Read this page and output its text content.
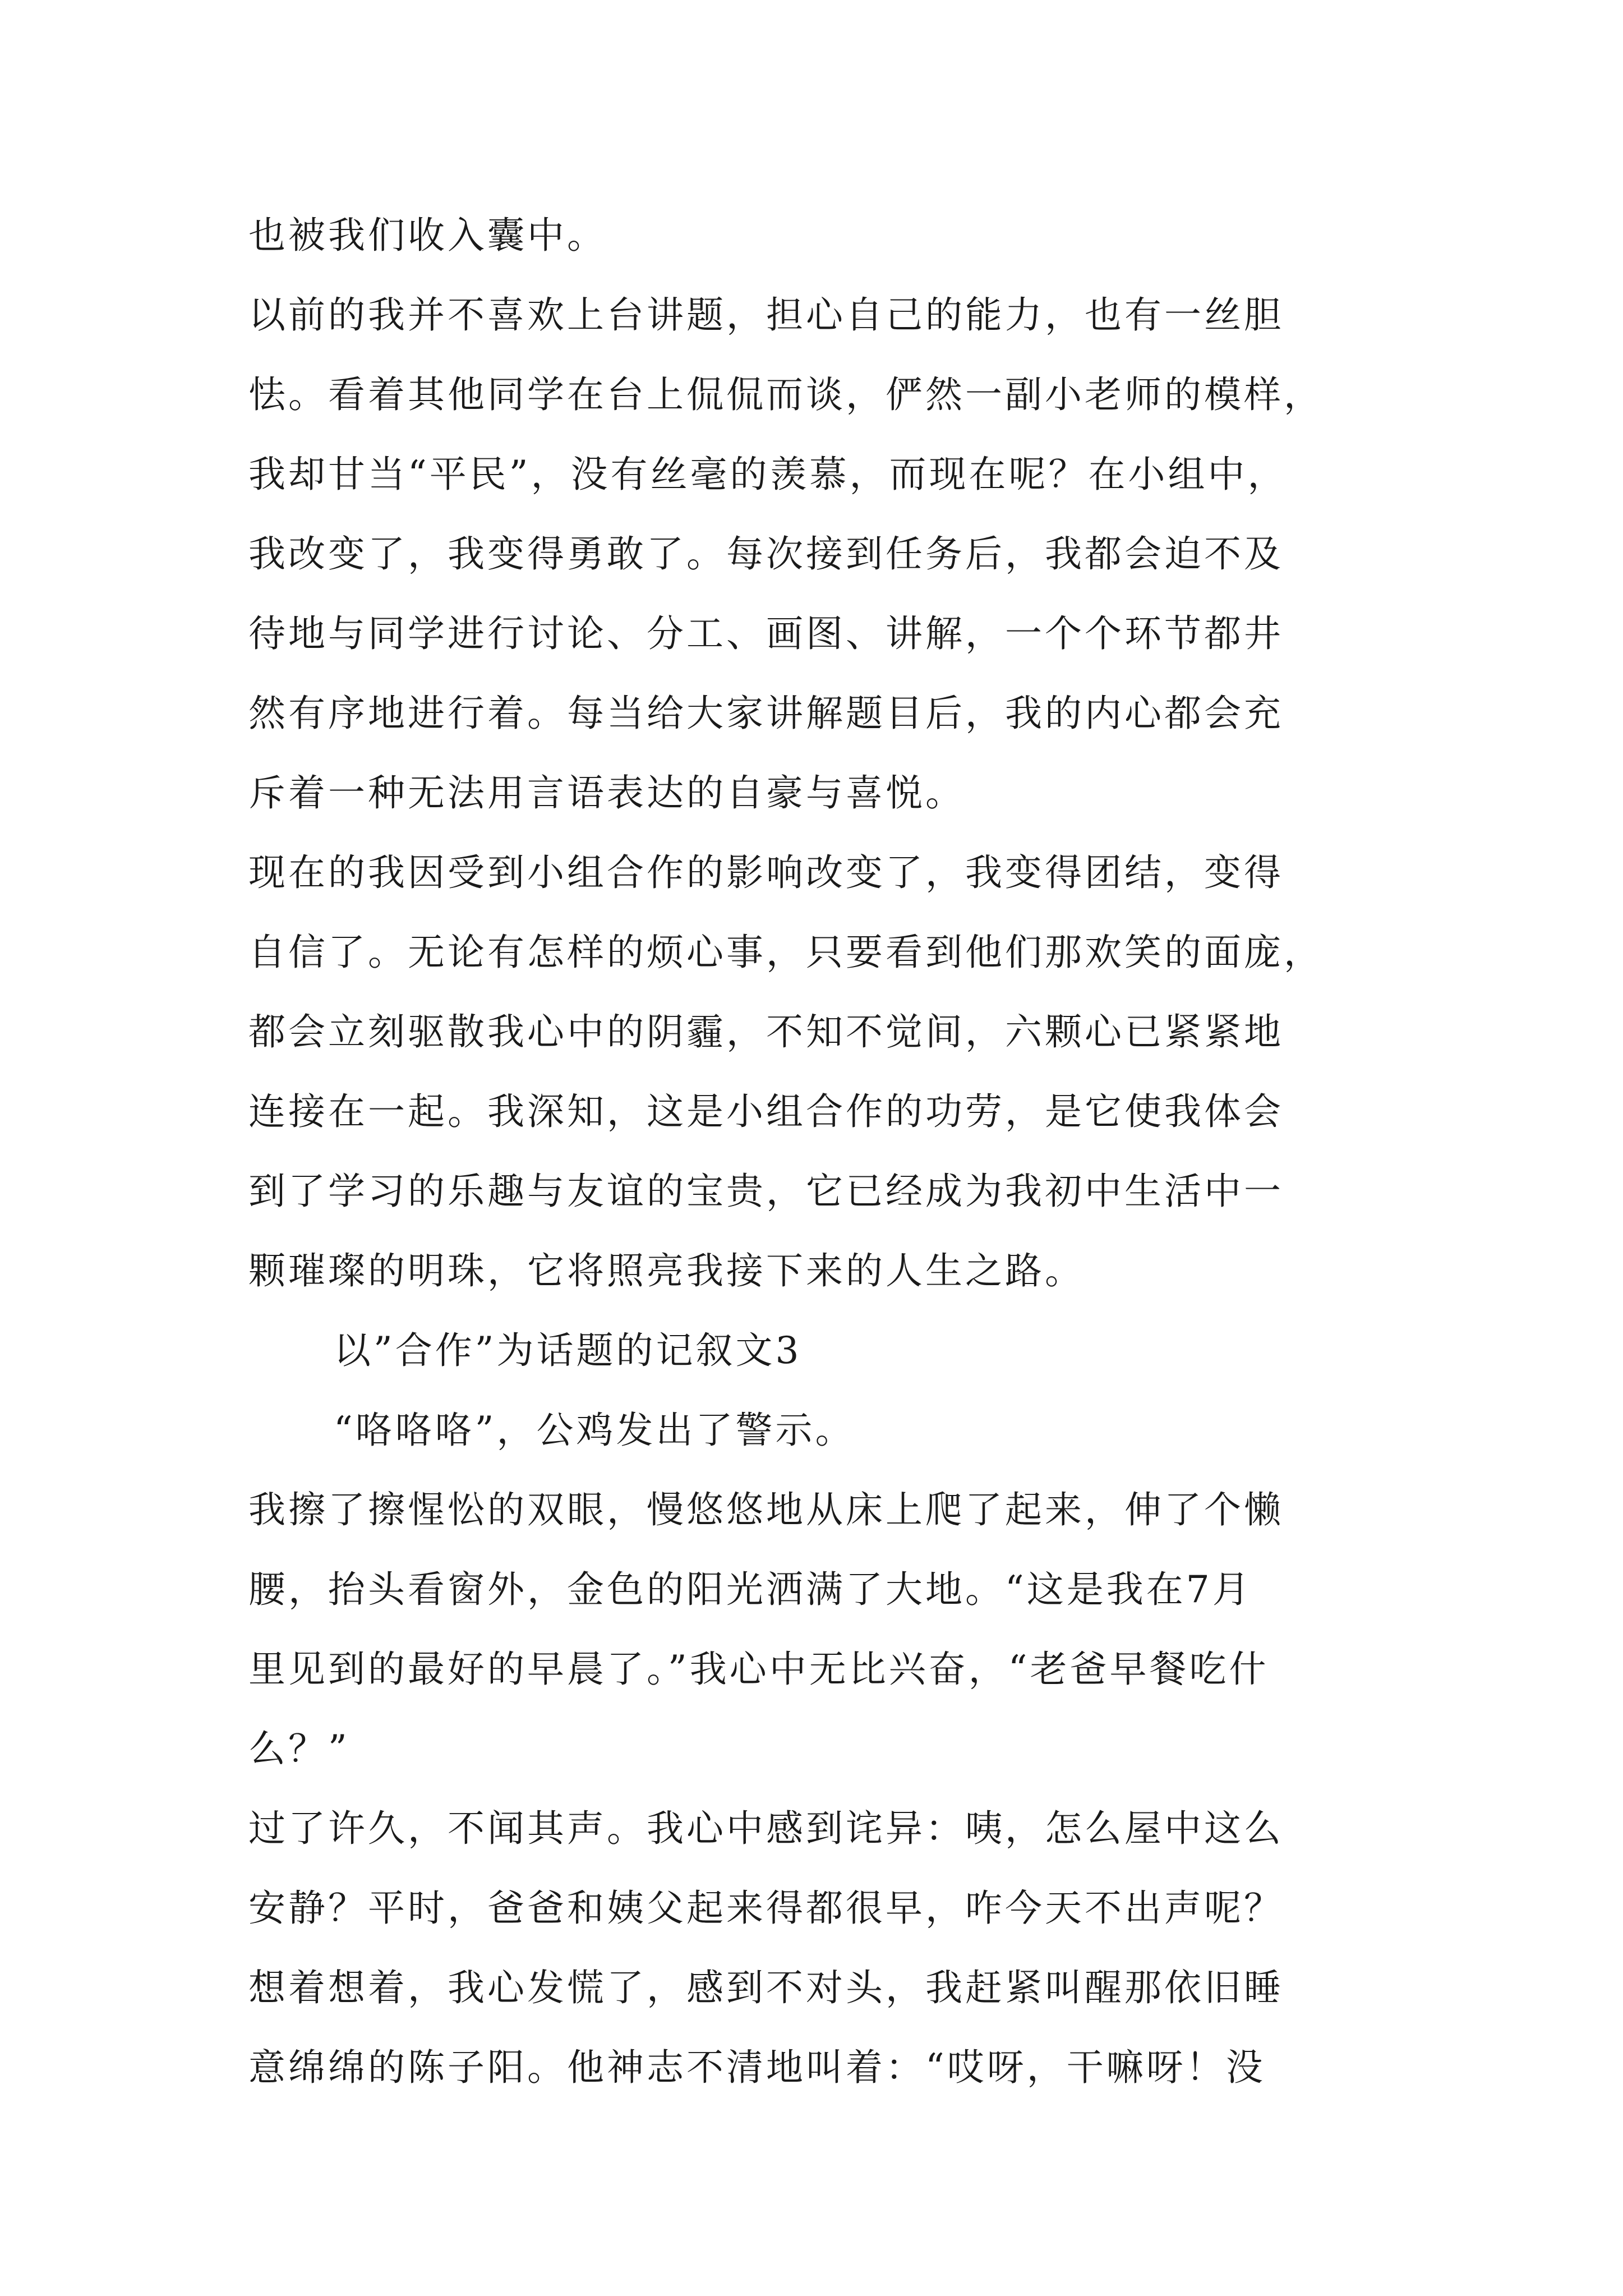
也被我们收入囊中。
以前的我并不喜欢上台讲题，担心自己的能力，也有一丝胆
怯。看着其他同学在台上侃侃而谈，俨然一副小老师的模样，
我却甘当“平民”，没有丝毫的羡慕，而现在呢？在小组中，
我改变了，我变得勇敢了。每次接到任务后，我都会迫不及
待地与同学进行讨论、分工、画图、讲解，一个个环节都井
然有序地进行着。每当给大家讲解题目后，我的内心都会充
斥着一种无法用言语表达的自豪与喜悦。
现在的我因受到小组合作的影响改变了，我变得团结，变得
自信了。无论有怎样的烦心事，只要看到他们那欢笑的面庞，
都会立刻驱散我心中的阴霾，不知不觉间，六颗心已紧紧地
连接在一起。我深知，这是小组合作的功劳，是它使我体会
到了学习的乐趣与友谊的宝贵，它已经成为我初中生活中一
颗璀璨的明珠，它将照亮我接下来的人生之路。
以”合作”为话题的记叙文3
“咯咯咯”，公鸡发出了警示。
我擦了擦惺忪的双眼，慢悠悠地从床上爬了起来，伸了个懒
腰，抬头看窗外，金色的阳光洒满了大地。“这是我在7月
里见到的最好的早晨了。”我心中无比兴奋，“老爸早餐吃什
么？”
过了许久，不闻其声。我心中感到诧异：咦，怎么屋中这么
安静？平时，爸爸和姨父起来得都很早，咋今天不出声呢？
想着想着，我心发慌了，感到不对头，我赶紧叫醒那依旧睡
意绵绵的陈子阳。他神志不清地叫着：“哎呀，干嘛呀！没
